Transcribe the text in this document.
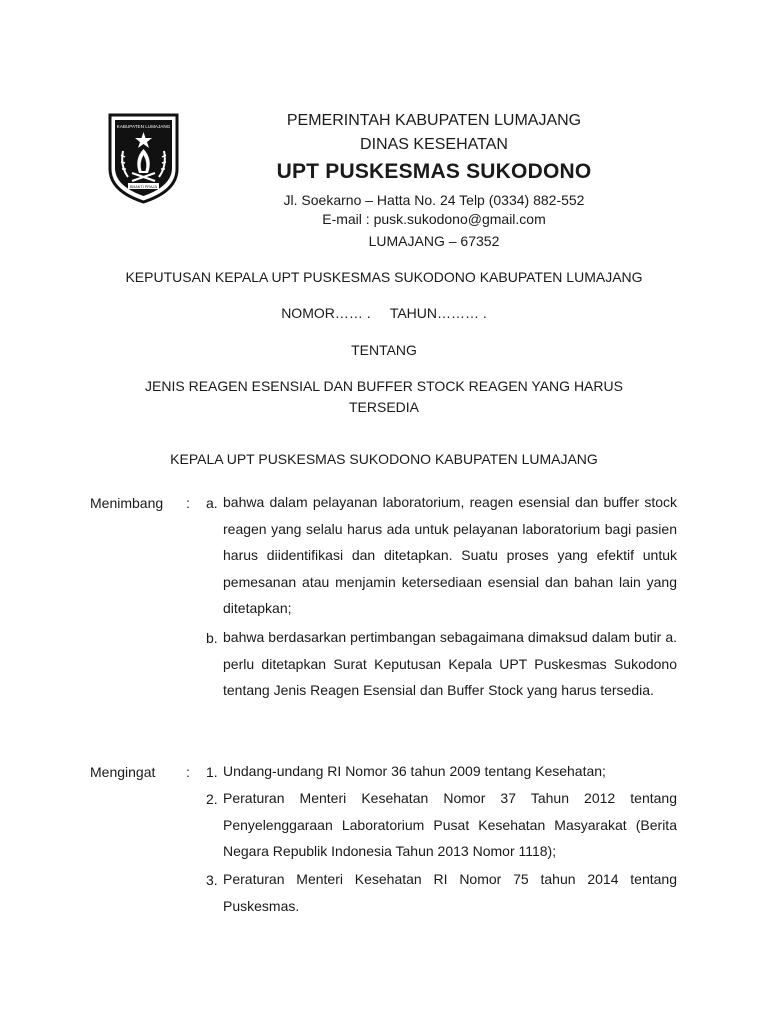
KABUPATEN LUMAJANG
BHAKTI PRAJA
PEMERINTAH KABUPATEN LUMAJANG
DINAS KESEHATAN
UPT PUSKESMAS SUKODONO
Jl. Soekarno – Hatta No. 24 Telp (0334) 882-552
E-mail : pusk.sukodono@gmail.com
LUMAJANG – 67352
KEPUTUSAN KEPALA UPT PUSKESMAS SUKODONO KABUPATEN LUMAJANG
NOMOR…… .     TAHUN……… .
TENTANG
JENIS REAGEN ESENSIAL DAN BUFFER STOCK REAGEN YANG HARUS
TERSEDIA
KEPALA UPT PUSKESMAS SUKODONO KABUPATEN LUMAJANG
Menimbang : a. bahwa dalam pelayanan laboratorium, reagen esensial dan buffer stock reagen yang selalu harus ada untuk pelayanan laboratorium bagi pasien harus diidentifikasi dan ditetapkan. Suatu proses yang efektif untuk pemesanan atau menjamin ketersediaan esensial dan bahan lain yang ditetapkan;
b. bahwa berdasarkan pertimbangan sebagaimana dimaksud dalam butir a. perlu ditetapkan Surat Keputusan Kepala UPT Puskesmas Sukodono tentang Jenis Reagen Esensial dan Buffer Stock yang harus tersedia.
Mengingat : 1. Undang-undang RI Nomor 36 tahun 2009 tentang Kesehatan;
2. Peraturan Menteri Kesehatan Nomor 37 Tahun 2012 tentang Penyelenggaraan Laboratorium Pusat Kesehatan Masyarakat (Berita Negara Republik Indonesia Tahun 2013 Nomor 1118);
3. Peraturan Menteri Kesehatan RI Nomor 75 tahun 2014 tentang Puskesmas.
